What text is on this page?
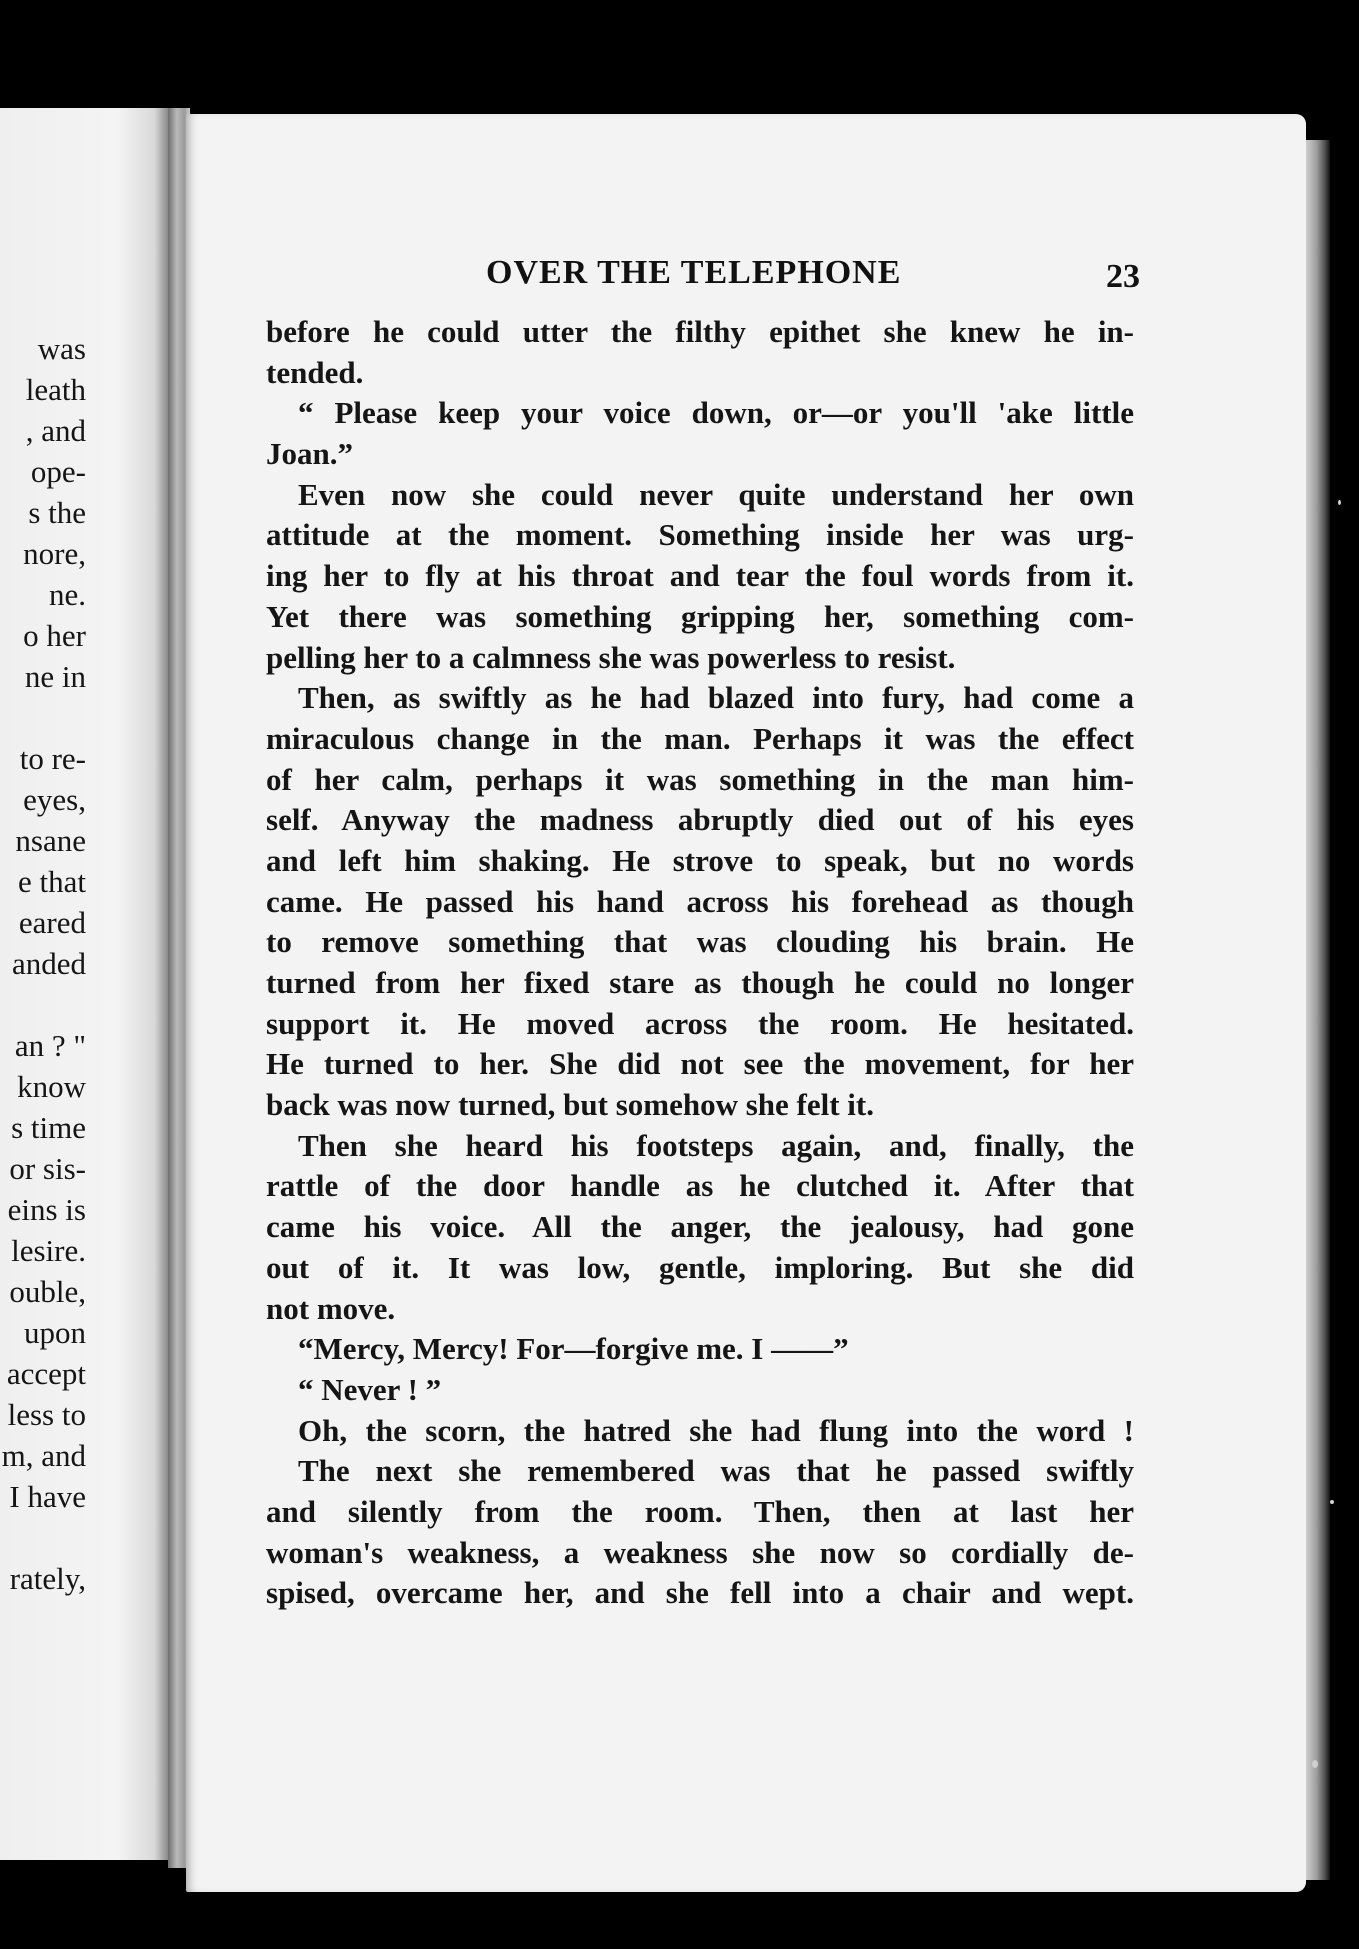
was
leath
, and
ope-
s the
nore,
ne.
o her
ne in
to re-
eyes,
nsane
e that
eared
anded
an ? "
know
s time
or sis-
eins is
lesire.
ouble,
upon
accept
less to
m, and
I have
rately,
OVER THE TELEPHONE	23
before he could utter the filthy epithet she knew he in-
tended.
“ Please keep your voice down, or—or you'll 'ake little
Joan.”
Even now she could never quite understand her own
attitude at the moment. Something inside her was urg-
ing her to fly at his throat and tear the foul words from it.
Yet there was something gripping her, something com-
pelling her to a calmness she was powerless to resist.
Then, as swiftly as he had blazed into fury, had come a
miraculous change in the man. Perhaps it was the effect
of her calm, perhaps it was something in the man him-
self. Anyway the madness abruptly died out of his eyes
and left him shaking. He strove to speak, but no words
came. He passed his hand across his forehead as though
to remove something that was clouding his brain. He
turned from her fixed stare as though he could no longer
support it. He moved across the room. He hesitated.
He turned to her. She did not see the movement, for her
back was now turned, but somehow she felt it.
Then she heard his footsteps again, and, finally, the
rattle of the door handle as he clutched it. After that
came his voice. All the anger, the jealousy, had gone
out of it. It was low, gentle, imploring. But she did
not move.
“Mercy, Mercy! For—forgive me. I ——”
“ Never ! ”
Oh, the scorn, the hatred she had flung into the word !
The next she remembered was that he passed swiftly
and silently from the room. Then, then at last her
woman's weakness, a weakness she now so cordially de-
spised, overcame her, and she fell into a chair and wept.
